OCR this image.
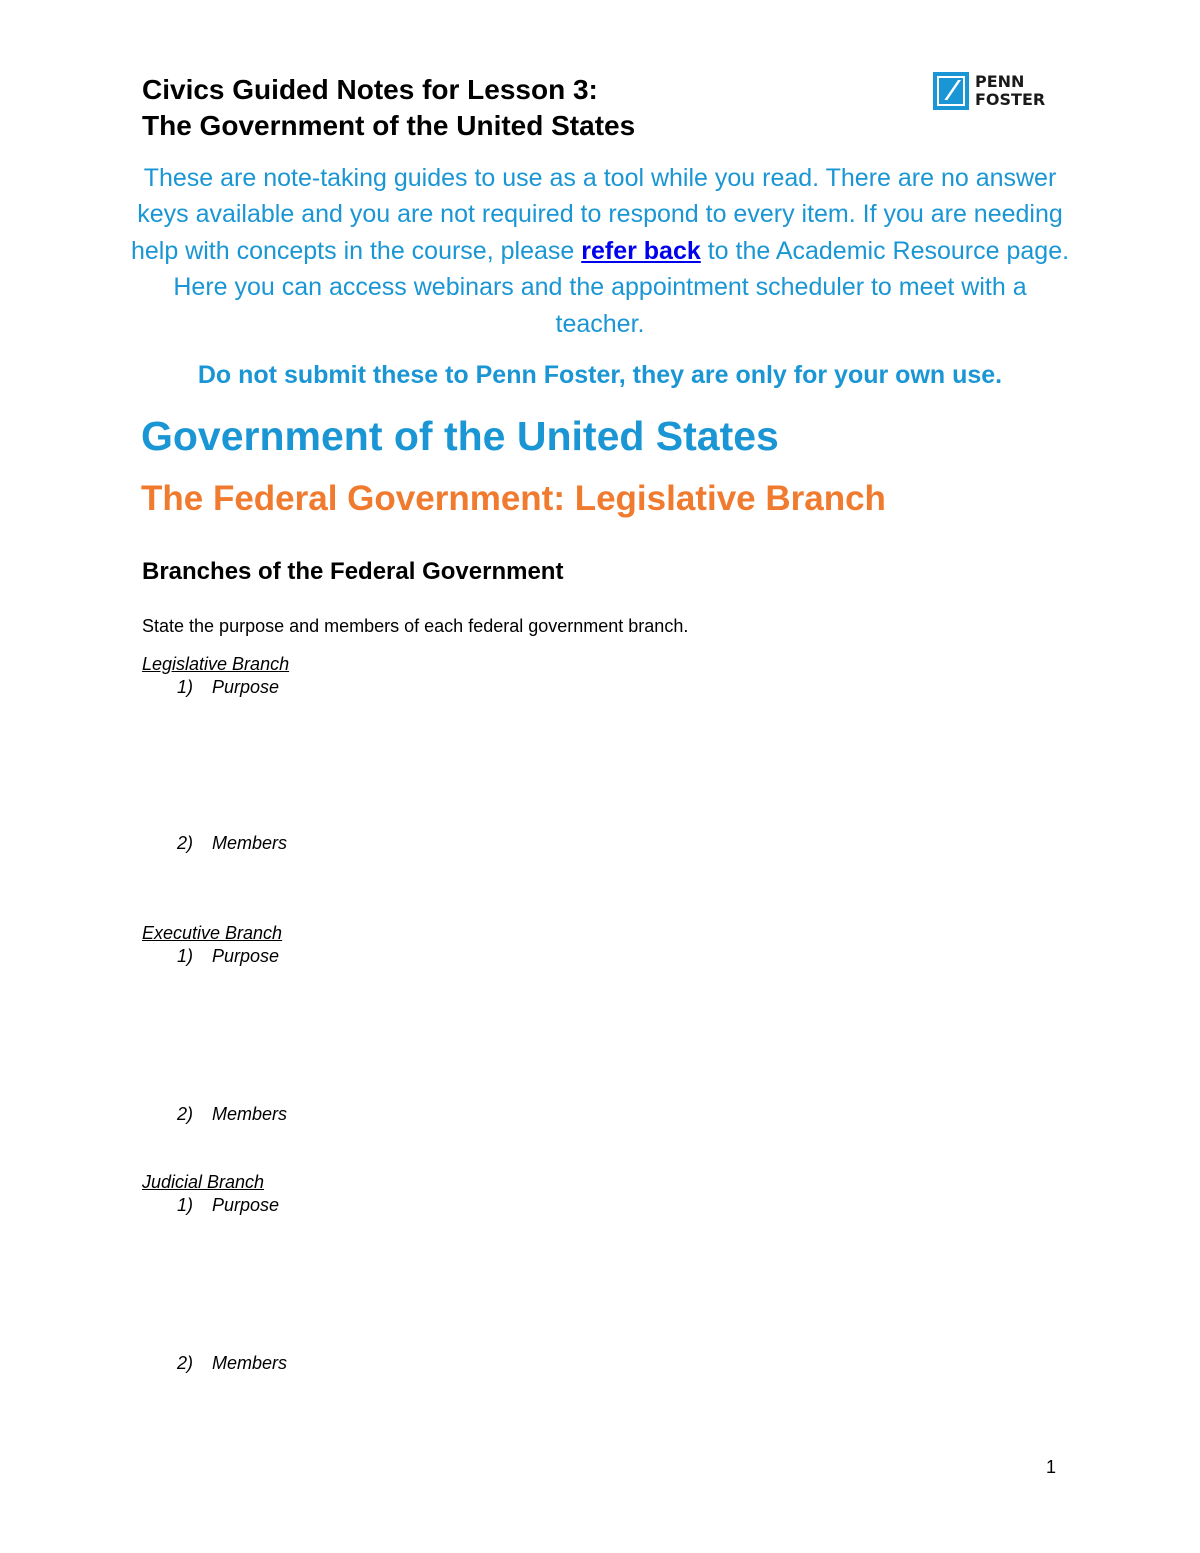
Civics Guided Notes for Lesson 3:
The Government of the United States
PENN
FOSTER

These are note-taking guides to use as a tool while you read. There are no answer keys available and you are not required to respond to every item. If you are needing help with concepts in the course, please refer back to the Academic Resource page. Here you can access webinars and the appointment scheduler to meet with a teacher.

Do not submit these to Penn Foster, they are only for your own use.

Government of the United States
The Federal Government: Legislative Branch
Branches of the Federal Government

State the purpose and members of each federal government branch.

Legislative Branch
1) Purpose
2) Members
Executive Branch
1) Purpose
2) Members
Judicial Branch
1) Purpose
2) Members
1
